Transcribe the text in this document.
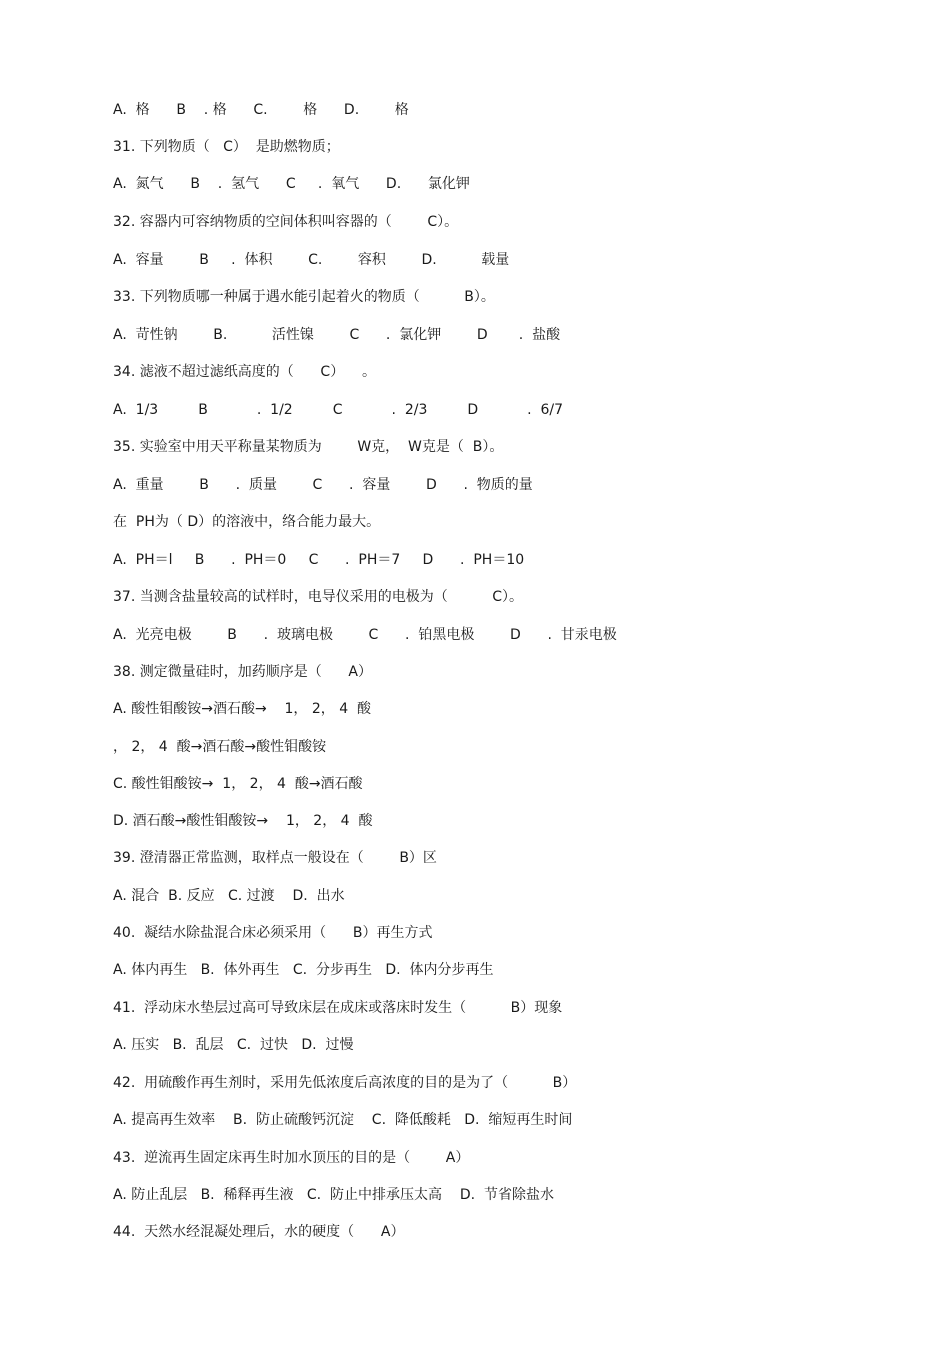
A.  格      B    . 格      C.        格      D.        格
31. 下列物质（   C）  是助燃物质；
A.  氮气      B    .  氢气      C     .  氧气      D.      氯化钾
32. 容器内可容纳物质的空间体积叫容器的（        C）。
A.  容量        B     .  体积        C.        容积        D.          载量
33. 下列物质哪一种属于遇水能引起着火的物质（          B）。
A.  苛性钠        B.          活性镍        C      .  氯化钾        D       .  盐酸
34. 滤液不超过滤纸高度的（      C）    。
A.  1/3         B           .  1/2         C           .  2/3         D           .  6/7
35. 实验室中用天平称量某物质为        W克，  W克是（  B）。
A.  重量        B      .  质量        C      .  容量        D      .  物质的量
在  PH为（ D）的溶液中，络合能力最大。
A.  PH＝l     B      .  PH＝0     C      .  PH＝7     D      .  PH＝10
37. 当测含盐量较高的试样时，电导仪采用的电极为（          C）。
A.  光亮电极        B      .  玻璃电极        C      .  铂黑电极        D      .  甘汞电极
38. 测定微量硅时，加药顺序是（      A）
A. 酸性钼酸铵→酒石酸→    1， 2， 4  酸
， 2， 4  酸→酒石酸→酸性钼酸铵
C. 酸性钼酸铵→  1， 2， 4  酸→酒石酸
D. 酒石酸→酸性钼酸铵→    1， 2， 4  酸
39. 澄清器正常监测，取样点一般设在（        B）区
A. 混合  B. 反应   C. 过渡    D.  出水
40.  凝结水除盐混合床必须采用（      B）再生方式
A. 体内再生   B.  体外再生   C.  分步再生   D.  体内分步再生
41.  浮动床水垫层过高可导致床层在成床或落床时发生（          B）现象
A. 压实   B.  乱层   C.  过快   D.  过慢
42.  用硫酸作再生剂时，采用先低浓度后高浓度的目的是为了（          B）
A. 提高再生效率    B.  防止硫酸钙沉淀    C.  降低酸耗   D.  缩短再生时间
43.  逆流再生固定床再生时加水顶压的目的是（        A）
A. 防止乱层   B.  稀释再生液   C.  防止中排承压太高    D.  节省除盐水
44.  天然水经混凝处理后，水的硬度（      A）
